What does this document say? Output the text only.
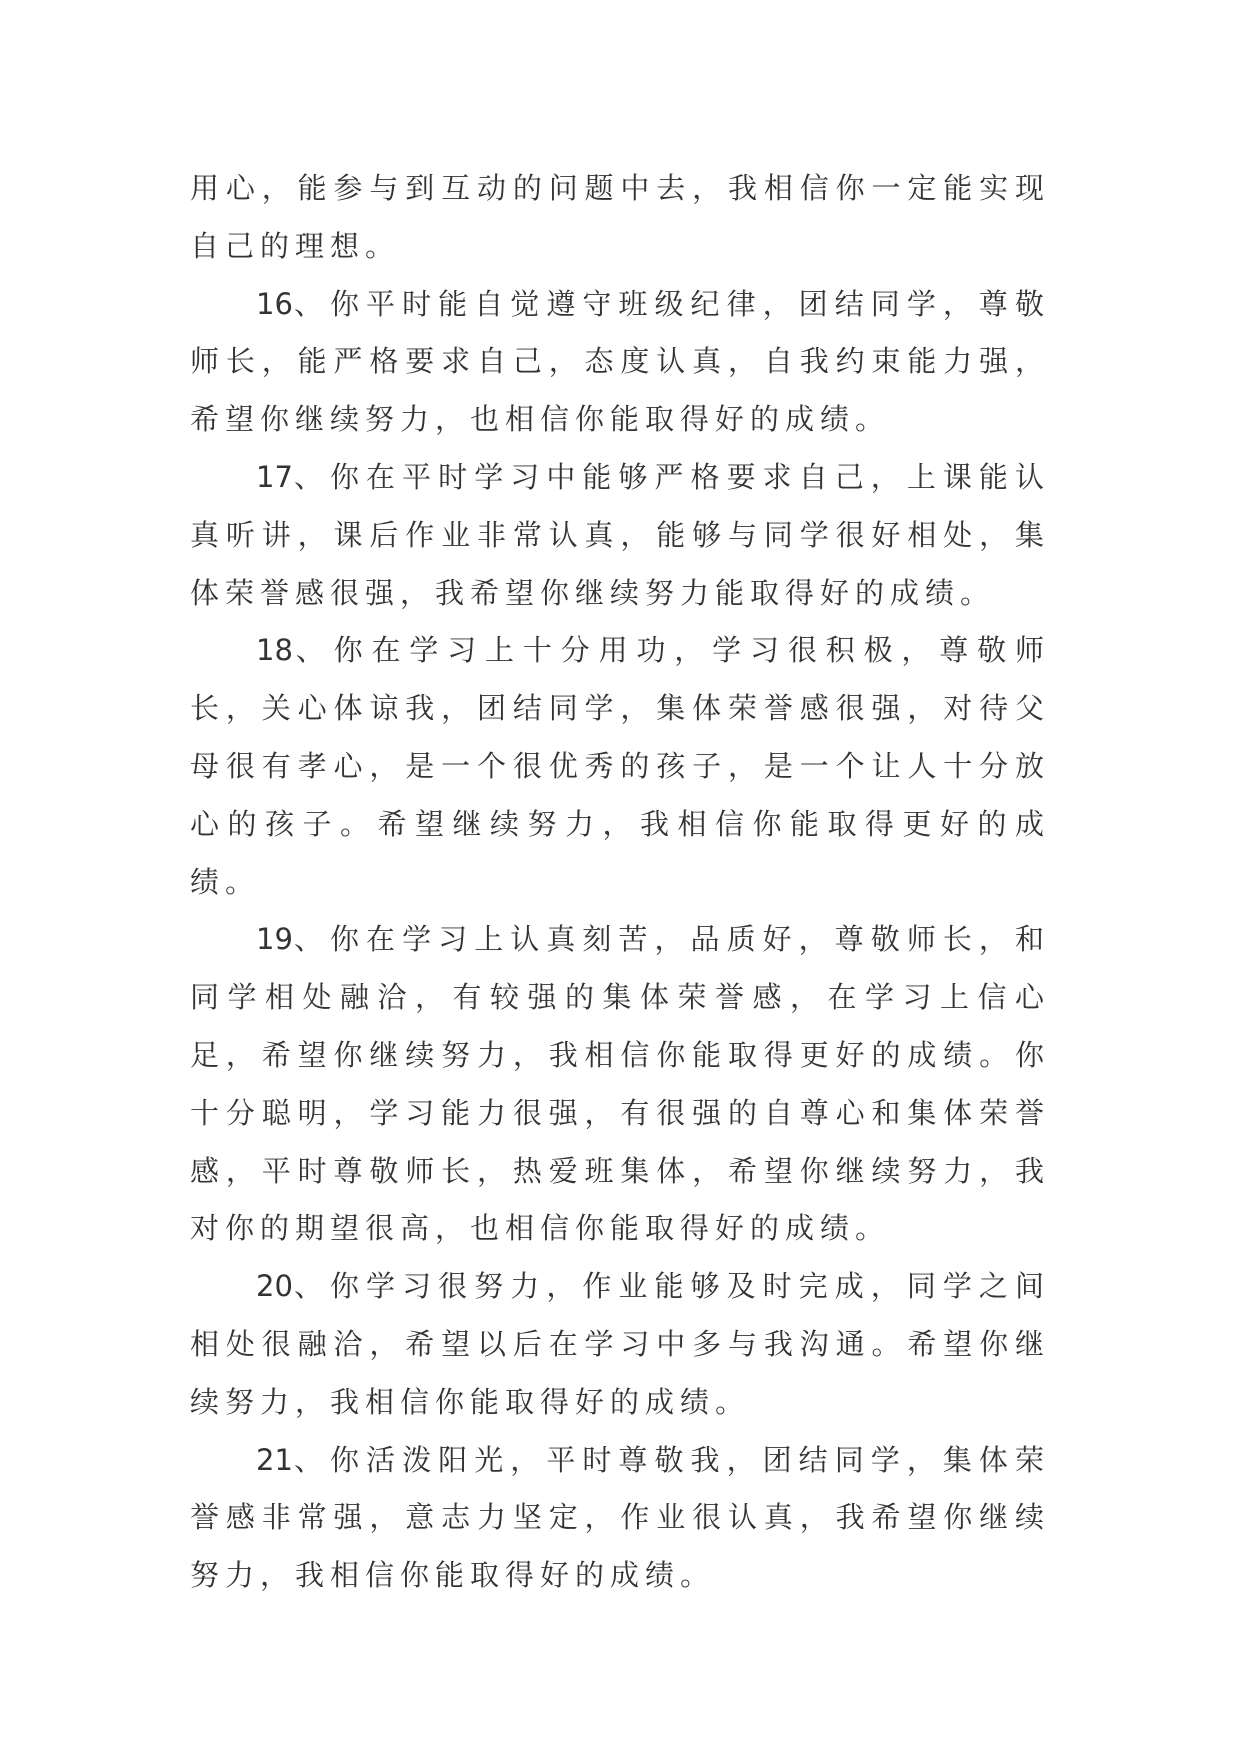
用心，能参与到互动的问题中去，我相信你一定能实现自己的理想。

16、你平时能自觉遵守班级纪律，团结同学，尊敬师长，能严格要求自己，态度认真，自我约束能力强，希望你继续努力，也相信你能取得好的成绩。

17、你在平时学习中能够严格要求自己，上课能认真听讲，课后作业非常认真，能够与同学很好相处，集体荣誉感很强，我希望你继续努力能取得好的成绩。

18、你在学习上十分用功，学习很积极，尊敬师长，关心体谅我，团结同学，集体荣誉感很强，对待父母很有孝心，是一个很优秀的孩子，是一个让人十分放心的孩子。希望继续努力，我相信你能取得更好的成绩。

19、你在学习上认真刻苦，品质好，尊敬师长，和同学相处融洽，有较强的集体荣誉感，在学习上信心足，希望你继续努力，我相信你能取得更好的成绩。你十分聪明，学习能力很强，有很强的自尊心和集体荣誉感，平时尊敬师长，热爱班集体，希望你继续努力，我对你的期望很高，也相信你能取得好的成绩。

20、你学习很努力，作业能够及时完成，同学之间相处很融洽，希望以后在学习中多与我沟通。希望你继续努力，我相信你能取得好的成绩。

21、你活泼阳光，平时尊敬我，团结同学，集体荣誉感非常强，意志力坚定，作业很认真，我希望你继续努力，我相信你能取得好的成绩。
